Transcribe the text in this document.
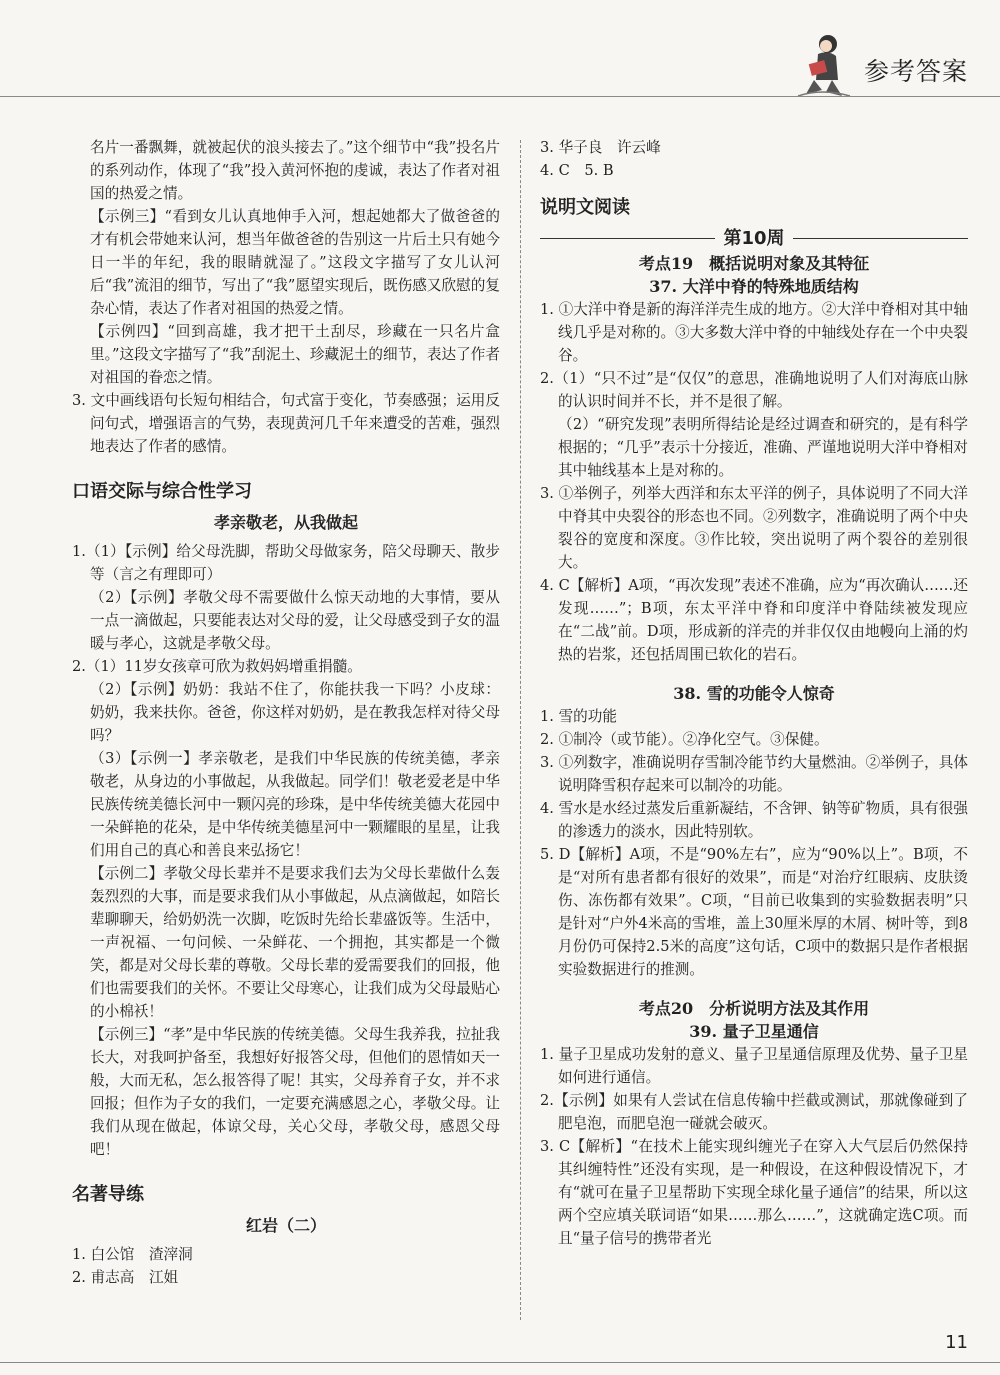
参考答案

名片一番飘舞，就被起伏的浪头接去了。”这个细节中“我”投名片的系列动作，体现了“我”投入黄河怀抱的虔诚，表达了作者对祖国的热爱之情。

【示例三】“看到女儿认真地伸手入河，想起她都大了做爸爸的才有机会带她来认河，想当年做爸爸的告别这一片后土只有她今日一半的年纪，我的眼睛就湿了。”这段文字描写了女儿认河后“我”流泪的细节，写出了“我”愿望实现后，既伤感又欣慰的复杂心情，表达了作者对祖国的热爱之情。

【示例四】“回到高雄，我才把干土刮尽，珍藏在一只名片盒里。”这段文字描写了“我”刮泥土、珍藏泥土的细节，表达了作者对祖国的眷恋之情。

3. 文中画线语句长短句相结合，句式富于变化，节奏感强；运用反问句式，增强语言的气势，表现黄河几千年来遭受的苦难，强烈地表达了作者的感情。

口语交际与综合性学习
孝亲敬老，从我做起

1.（1）【示例】给父母洗脚，帮助父母做家务，陪父母聊天、散步等（言之有理即可）

（2）【示例】孝敬父母不需要做什么惊天动地的大事情，要从一点一滴做起，只要能表达对父母的爱，让父母感受到子女的温暖与孝心，这就是孝敬父母。

2.（1）11岁女孩章可欣为救妈妈增重捐髓。

（2）【示例】奶奶：我站不住了，你能扶我一下吗？小皮球：奶奶，我来扶你。爸爸，你这样对奶奶，是在教我怎样对待父母吗？

（3）【示例一】孝亲敬老，是我们中华民族的传统美德，孝亲敬老，从身边的小事做起，从我做起。同学们！敬老爱老是中华民族传统美德长河中一颗闪亮的珍珠，是中华传统美德大花园中一朵鲜艳的花朵，是中华传统美德星河中一颗耀眼的星星，让我们用自己的真心和善良来弘扬它！

【示例二】孝敬父母长辈并不是要求我们去为父母长辈做什么轰轰烈烈的大事，而是要求我们从小事做起，从点滴做起，如陪长辈聊聊天，给奶奶洗一次脚，吃饭时先给长辈盛饭等。生活中，一声祝福、一句问候、一朵鲜花、一个拥抱，其实都是一个微笑，都是对父母长辈的尊敬。父母长辈的爱需要我们的回报，他们也需要我们的关怀。不要让父母寒心，让我们成为父母最贴心的小棉袄！

【示例三】“孝”是中华民族的传统美德。父母生我养我，拉扯我长大，对我呵护备至，我想好好报答父母，但他们的恩情如天一般，大而无私，怎么报答得了呢！其实，父母养育子女，并不求回报；但作为子女的我们，一定要充满感恩之心，孝敬父母。让我们从现在做起，体谅父母，关心父母，孝敬父母，感恩父母吧！

名著导练
红岩（二）

1. 白公馆　渣滓洞

2. 甫志高　江姐

3. 华子良　许云峰

4. C　5. B

说明文阅读
第10周
考点19　概括说明对象及其特征
37. 大洋中脊的特殊地质结构

1. ①大洋中脊是新的海洋洋壳生成的地方。②大洋中脊相对其中轴线几乎是对称的。③大多数大洋中脊的中轴线处存在一个中央裂谷。

2.（1）“只不过”是“仅仅”的意思，准确地说明了人们对海底山脉的认识时间并不长，并不是很了解。

（2）“研究发现”表明所得结论是经过调查和研究的，是有科学根据的；“几乎”表示十分接近，准确、严谨地说明大洋中脊相对其中轴线基本上是对称的。

3. ①举例子，列举大西洋和东太平洋的例子，具体说明了不同大洋中脊其中央裂谷的形态也不同。②列数字，准确说明了两个中央裂谷的宽度和深度。③作比较，突出说明了两个裂谷的差别很大。

4. C【解析】A项，“再次发现”表述不准确，应为“再次确认……还发现……”；B项，东太平洋中脊和印度洋中脊陆续被发现应在“二战”前。D项，形成新的洋壳的并非仅仅由地幔向上涌的灼热的岩浆，还包括周围已软化的岩石。

38. 雪的功能令人惊奇

1. 雪的功能

2. ①制冷（或节能）。②净化空气。③保健。

3. ①列数字，准确说明存雪制冷能节约大量燃油。②举例子，具体说明降雪积存起来可以制冷的功能。

4. 雪水是水经过蒸发后重新凝结，不含钾、钠等矿物质，具有很强的渗透力的淡水，因此特别软。

5. D【解析】A项，不是“90%左右”，应为“90%以上”。B项，不是“对所有患者都有很好的效果”，而是“对治疗红眼病、皮肤烫伤、冻伤都有效果”。C项，“目前已收集到的实验数据表明”只是针对“户外4米高的雪堆，盖上30厘米厚的木屑、树叶等，到8月份仍可保持2.5米的高度”这句话，C项中的数据只是作者根据实验数据进行的推测。

考点20　分析说明方法及其作用
39. 量子卫星通信

1. 量子卫星成功发射的意义、量子卫星通信原理及优势、量子卫星如何进行通信。

2.【示例】如果有人尝试在信息传输中拦截或测试，那就像碰到了肥皂泡，而肥皂泡一碰就会破灭。

3. C【解析】“在技术上能实现纠缠光子在穿入大气层后仍然保持其纠缠特性”还没有实现，是一种假设，在这种假设情况下，才有“就可在量子卫星帮助下实现全球化量子通信”的结果，所以这两个空应填关联词语“如果……那么……”，这就确定选C项。而且“量子信号的携带者光

11
